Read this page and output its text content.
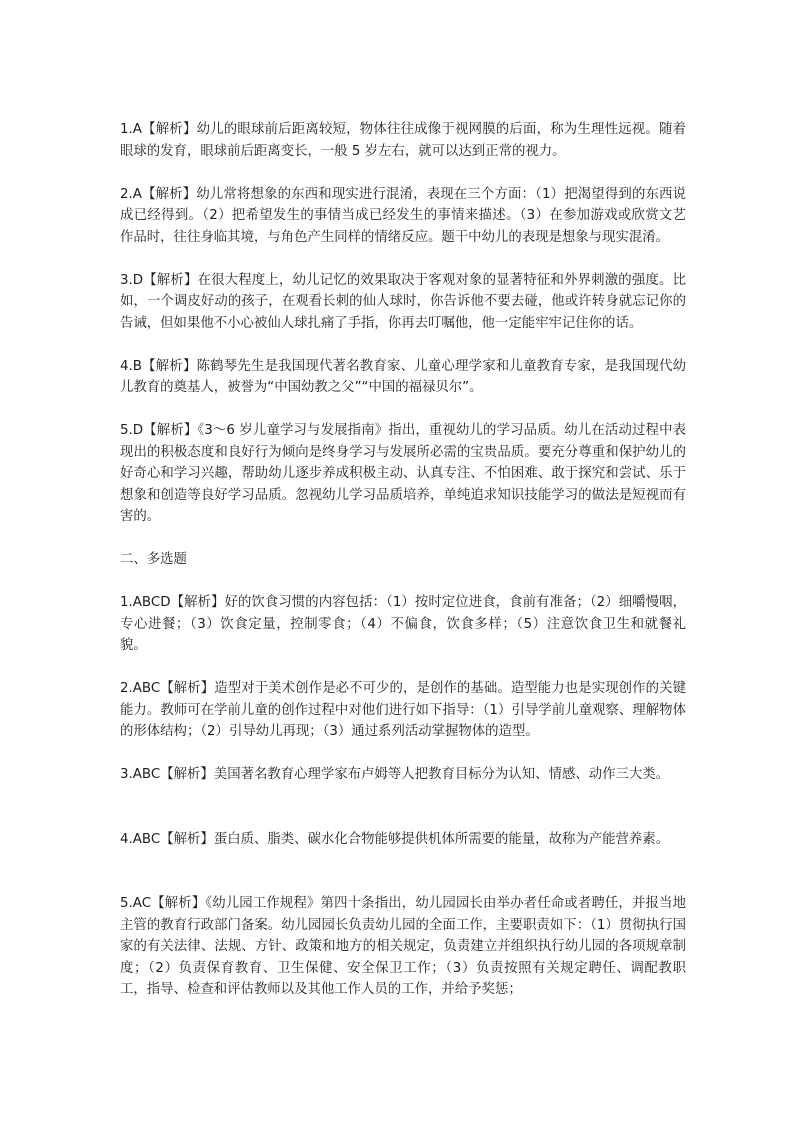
1.A【解析】幼儿的眼球前后距离较短，物体往往成像于视网膜的后面，称为生理性远视。随着眼球的发育，眼球前后距离变长，一般 5 岁左右，就可以达到正常的视力。

2.A【解析】幼儿常将想象的东西和现实进行混淆，表现在三个方面：（1）把渴望得到的东西说成已经得到。（2）把希望发生的事情当成已经发生的事情来描述。（3）在参加游戏或欣赏文艺作品时，往往身临其境，与角色产生同样的情绪反应。题干中幼儿的表现是想象与现实混淆。

3.D【解析】在很大程度上，幼儿记忆的效果取决于客观对象的显著特征和外界刺激的强度。比如，一个调皮好动的孩子，在观看长刺的仙人球时，你告诉他不要去碰，他或许转身就忘记你的告诫，但如果他不小心被仙人球扎痛了手指，你再去叮嘱他，他一定能牢牢记住你的话。

4.B【解析】陈鹤琴先生是我国现代著名教育家、儿童心理学家和儿童教育专家，是我国现代幼儿教育的奠基人，被誉为“中国幼教之父”“中国的福禄贝尔”。

5.D【解析】《3～6 岁儿童学习与发展指南》指出，重视幼儿的学习品质。幼儿在活动过程中表现出的积极态度和良好行为倾向是终身学习与发展所必需的宝贵品质。要充分尊重和保护幼儿的好奇心和学习兴趣，帮助幼儿逐步养成积极主动、认真专注、不怕困难、敢于探究和尝试、乐于想象和创造等良好学习品质。忽视幼儿学习品质培养，单纯追求知识技能学习的做法是短视而有害的。

二、多选题

1.ABCD【解析】好的饮食习惯的内容包括：（1）按时定位进食，食前有准备；（2）细嚼慢咽，专心进餐；（3）饮食定量，控制零食；（4）不偏食，饮食多样；（5）注意饮食卫生和就餐礼貌。

2.ABC【解析】造型对于美术创作是必不可少的，是创作的基础。造型能力也是实现创作的关键能力。教师可在学前儿童的创作过程中对他们进行如下指导：（1）引导学前儿童观察、理解物体的形体结构；（2）引导幼儿再现；（3）通过系列活动掌握物体的造型。

3.ABC【解析】美国著名教育心理学家布卢姆等人把教育目标分为认知、情感、动作三大类。

4.ABC【解析】蛋白质、脂类、碳水化合物能够提供机体所需要的能量，故称为产能营养素。

5.AC【解析】《幼儿园工作规程》第四十条指出，幼儿园园长由举办者任命或者聘任，并报当地主管的教育行政部门备案。幼儿园园长负责幼儿园的全面工作，主要职责如下：（1）贯彻执行国家的有关法律、法规、方针、政策和地方的相关规定，负责建立并组织执行幼儿园的各项规章制度；（2）负责保育教育、卫生保健、安全保卫工作；（3）负责按照有关规定聘任、调配教职工，指导、检查和评估教师以及其他工作人员的工作，并给予奖惩；
